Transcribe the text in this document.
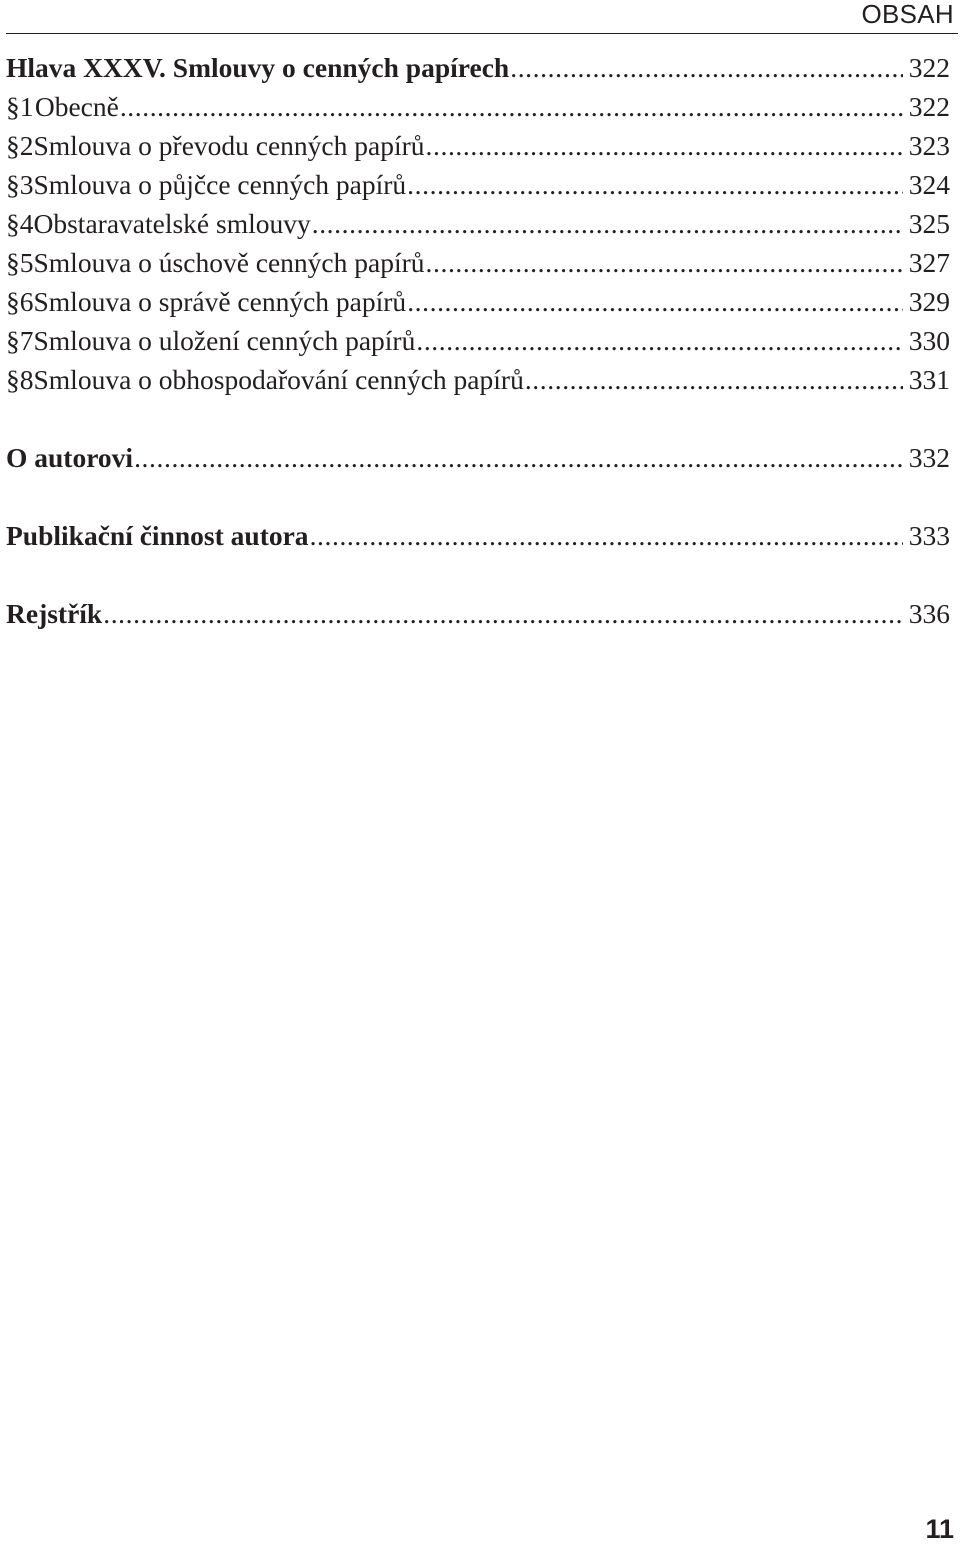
OBSAH
Hlava XXXV. Smlouvy o cenných papírech .....	322
§ 1 Obecně .....	322
§ 2 Smlouva o převodu cenných papírů .....	323
§ 3 Smlouva o půjčce cenných papírů .....	324
§ 4 Obstaravatelské smlouvy .....	325
§ 5 Smlouva o úschově cenných papírů .....	327
§ 6 Smlouva o správě cenných papírů .....	329
§ 7 Smlouva o uložení cenných papírů .....	330
§ 8 Smlouva o obhospodařování cenných papírů .....	331
O autorovi .....	332
Publikační činnost autora .....	333
Rejstřík .....	336
11
